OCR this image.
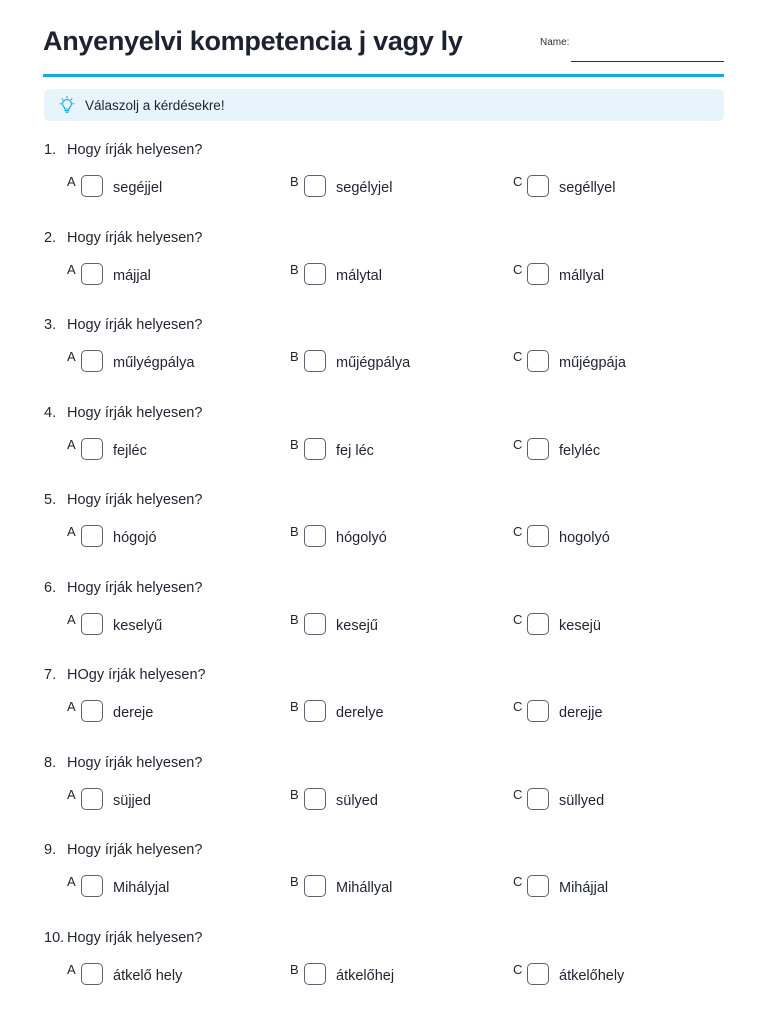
Anyenyelvi kompetencia j vagy ly	Name:
Válaszolj a kérdésekre!
1. Hogy írják helyesen?
A	segéjjel	B	segélyjel	C	segéllyel
2. Hogy írják helyesen?
A	májjal	B	málytal	C	mállyal
3. Hogy írják helyesen?
A	műlyégpálya	B	műjégpálya	C	műjégpája
4. Hogy írják helyesen?
A	fejléc	B	fej léc	C	felyléc
5. Hogy írják helyesen?
A	hógojó	B	hógolyó	C	hogolyó
6. Hogy írják helyesen?
A	keselyű	B	kesejű	C	kesejü
7. HOgy írják helyesen?
A	dereje	B	derelye	C	derejje
8. Hogy írják helyesen?
A	süjjed	B	sülyed	C	süllyed
9. Hogy írják helyesen?
A	Mihályjal	B	Mihállyal	C	Mihájjal
10. Hogy írják helyesen?
A	átkelő hely	B	átkelőhej	C	átkelőhely
